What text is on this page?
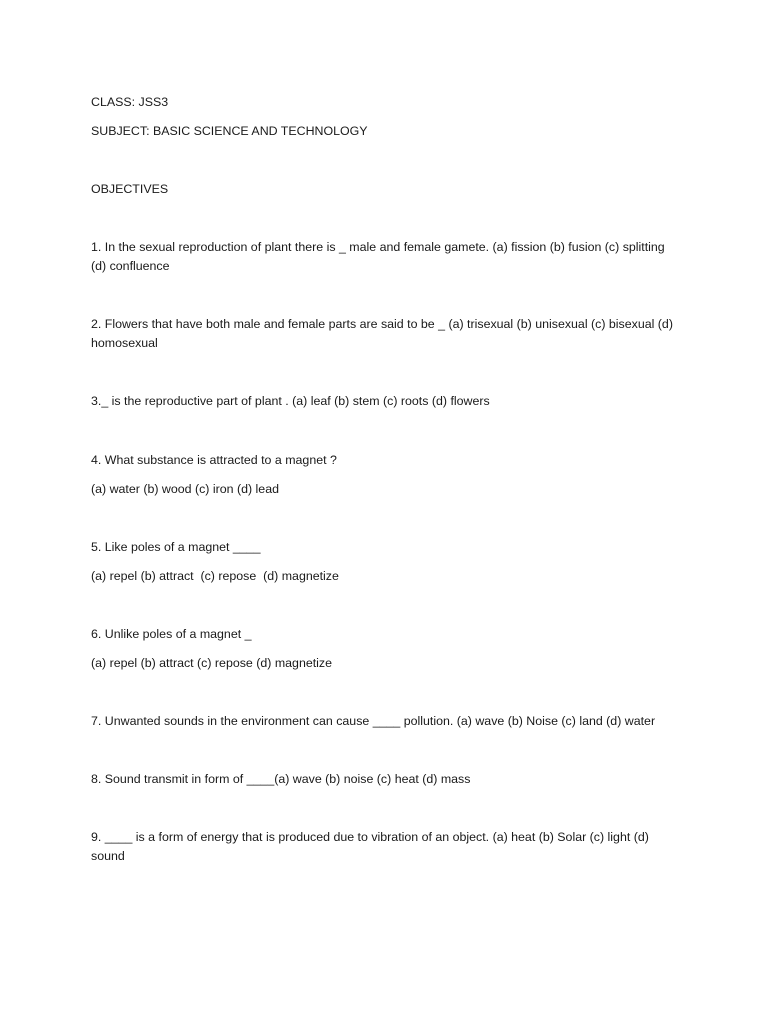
CLASS: JSS3

SUBJECT: BASIC SCIENCE AND TECHNOLOGY

OBJECTIVES

1. In the sexual reproduction of plant there is _ male and female gamete. (a) fission (b) fusion (c) splitting (d) confluence

2. Flowers that have both male and female parts are said to be _ (a) trisexual (b) unisexual (c) bisexual (d) homosexual

3._ is the reproductive part of plant . (a) leaf (b) stem (c) roots (d) flowers

4. What substance is attracted to a magnet ?

(a) water (b) wood (c) iron (d) lead

5. Like poles of a magnet ____

(a) repel (b) attract  (c) repose  (d) magnetize

6. Unlike poles of a magnet _

(a) repel (b) attract (c) repose (d) magnetize

7. Unwanted sounds in the environment can cause ____ pollution. (a) wave (b) Noise (c) land (d) water

8. Sound transmit in form of ____(a) wave (b) noise (c) heat (d) mass

9. ____ is a form of energy that is produced due to vibration of an object. (a) heat (b) Solar (c) light (d) sound
